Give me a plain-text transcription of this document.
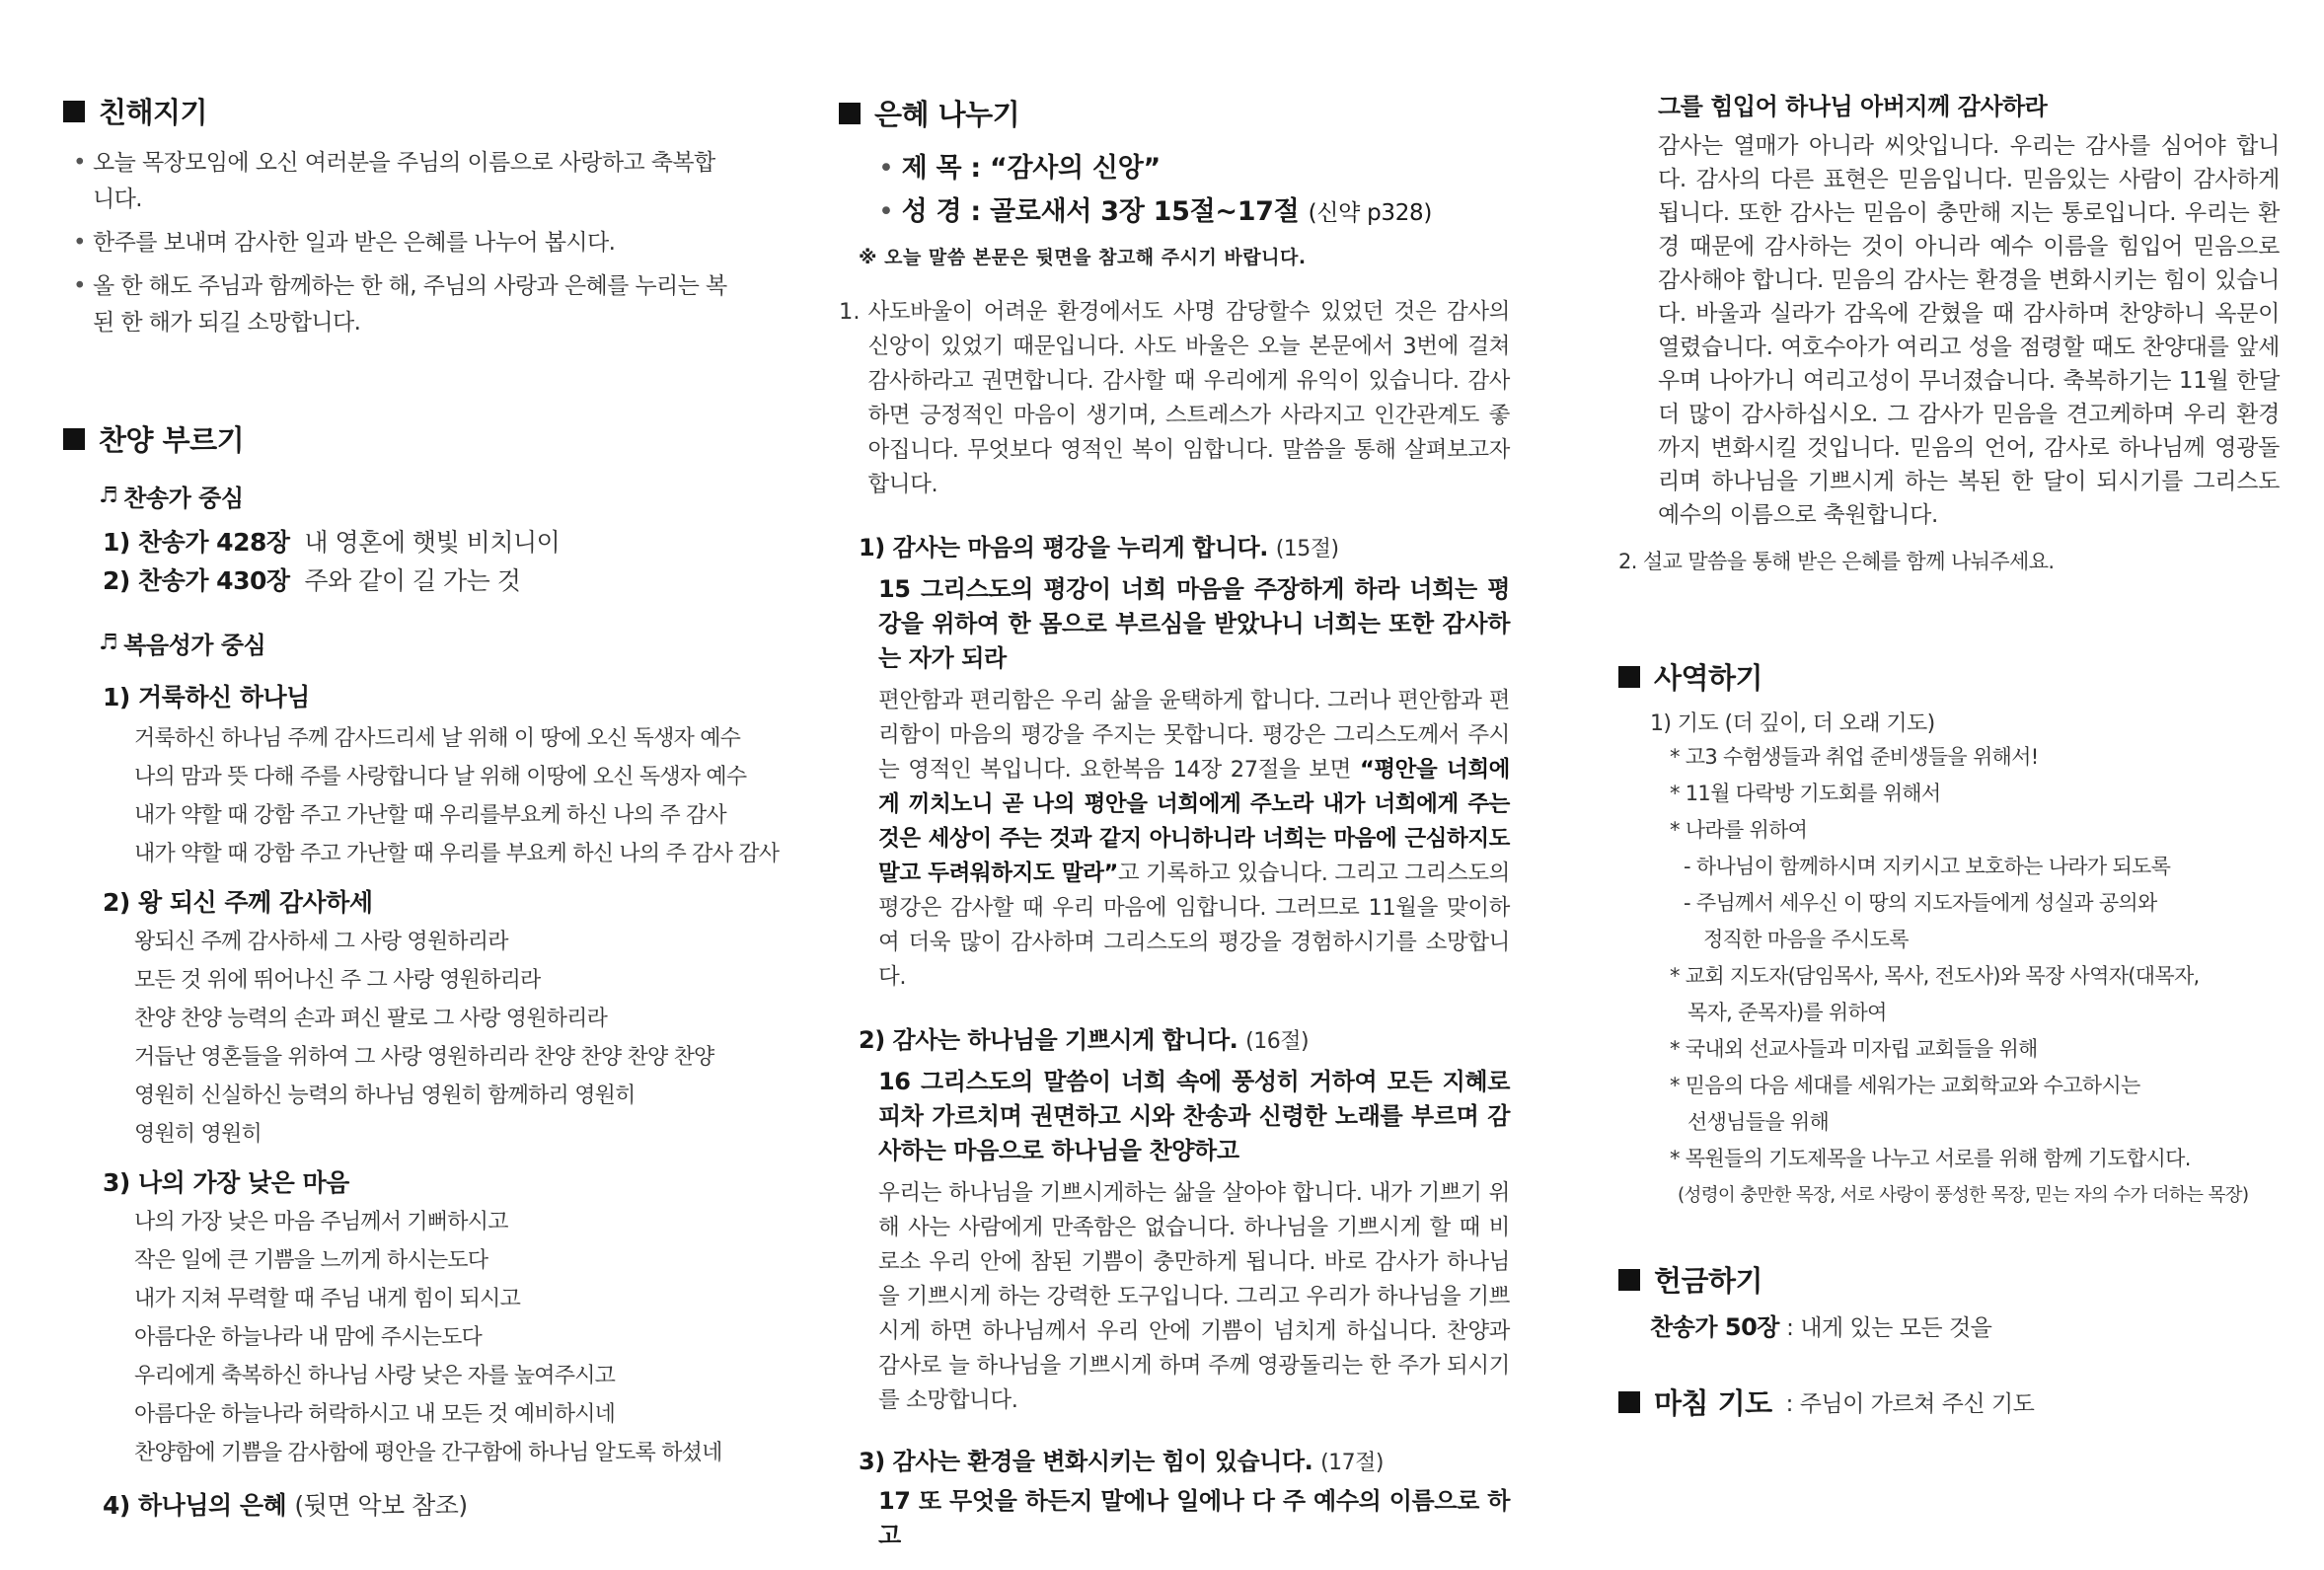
친해지기
• 오늘 목장모임에 오신 여러분을 주님의 이름으로 사랑하고 축복합니다.
• 한주를 보내며 감사한 일과 받은 은혜를 나누어 봅시다.
• 올 한 해도 주님과 함께하는 한 해, 주님의 사랑과 은혜를 누리는 복된 한 해가 되길 소망합니다.
찬양 부르기
♬ 찬송가 중심
1) 찬송가 428장 내 영혼에 햇빛 비치니이
2) 찬송가 430장 주와 같이 길 가는 것
♬ 복음성가 중심
1) 거룩하신 하나님
거룩하신 하나님 주께 감사드리세 날 위해 이 땅에 오신 독생자 예수
나의 맘과 뜻 다해 주를 사랑합니다 날 위해 이땅에 오신 독생자 예수
내가 약할 때 강함 주고 가난할 때 우리를부요케 하신 나의 주 감사
내가 약할 때 강함 주고 가난할 때 우리를 부요케 하신 나의 주 감사 감사
2) 왕 되신 주께 감사하세
왕되신 주께 감사하세 그 사랑 영원하리라
모든 것 위에 뛰어나신 주 그 사랑 영원하리라
찬양 찬양 능력의 손과 펴신 팔로 그 사랑 영원하리라
거듭난 영혼들을 위하여 그 사랑 영원하리라 찬양 찬양 찬양 찬양
영원히 신실하신 능력의 하나님 영원히 함께하리 영원히
영원히 영원히
3) 나의 가장 낮은 마음
나의 가장 낮은 마음 주님께서 기뻐하시고
작은 일에 큰 기쁨을 느끼게 하시는도다
내가 지쳐 무력할 때 주님 내게 힘이 되시고
아름다운 하늘나라 내 맘에 주시는도다
우리에게 축복하신 하나님 사랑 낮은 자를 높여주시고
아름다운 하늘나라 허락하시고 내 모든 것 예비하시네
찬양함에 기쁨을 감사함에 평안을 간구함에 하나님 알도록 하셨네
4) 하나님의 은혜 (뒷면 악보 참조)
은혜 나누기
• 제 목 : “감사의 신앙”
• 성 경 : 골로새서 3장 15절~17절 (신약 p328)
※ 오늘 말씀 본문은 뒷면을 참고해 주시기 바랍니다.
1. 사도바울이 어려운 환경에서도 사명 감당할수 있었던 것은 감사의 신앙이 있었기 때문입니다. 사도 바울은 오늘 본문에서 3번에 걸쳐 감사하라고 권면합니다. 감사할 때 우리에게 유익이 있습니다. 감사하면 긍정적인 마음이 생기며, 스트레스가 사라지고 인간관계도 좋아집니다. 무엇보다 영적인 복이 임합니다. 말씀을 통해 살펴보고자 합니다.
1) 감사는 마음의 평강을 누리게 합니다. (15절)
15 그리스도의 평강이 너희 마음을 주장하게 하라 너희는 평강을 위하여 한 몸으로 부르심을 받았나니 너희는 또한 감사하는 자가 되라
편안함과 편리함은 우리 삶을 윤택하게 합니다. 그러나 편안함과 편리함이 마음의 평강을 주지는 못합니다. 평강은 그리스도께서 주시는 영적인 복입니다. 요한복음 14장 27절을 보면 “평안을 너희에게 끼치노니 곧 나의 평안을 너희에게 주노라 내가 너희에게 주는 것은 세상이 주는 것과 같지 아니하니라 너희는 마음에 근심하지도 말고 두려워하지도 말라”고 기록하고 있습니다. 그리고 그리스도의 평강은 감사할 때 우리 마음에 임합니다. 그러므로 11월을 맞이하여 더욱 많이 감사하며 그리스도의 평강을 경험하시기를 소망합니다.
2) 감사는 하나님을 기쁘시게 합니다. (16절)
16 그리스도의 말씀이 너희 속에 풍성히 거하여 모든 지혜로 피차 가르치며 권면하고 시와 찬송과 신령한 노래를 부르며 감사하는 마음으로 하나님을 찬양하고
우리는 하나님을 기쁘시게하는 삶을 살아야 합니다. 내가 기쁘기 위해 사는 사람에게 만족함은 없습니다. 하나님을 기쁘시게 할 때 비로소 우리 안에 참된 기쁨이 충만하게 됩니다. 바로 감사가 하나님을 기쁘시게 하는 강력한 도구입니다. 그리고 우리가 하나님을 기쁘시게 하면 하나님께서 우리 안에 기쁨이 넘치게 하십니다. 찬양과 감사로 늘 하나님을 기쁘시게 하며 주께 영광돌리는 한 주가 되시기를 소망합니다.
3) 감사는 환경을 변화시키는 힘이 있습니다. (17절)
17 또 무엇을 하든지 말에나 일에나 다 주 예수의 이름으로 하고
그를 힘입어 하나님 아버지께 감사하라
감사는 열매가 아니라 씨앗입니다. 우리는 감사를 심어야 합니다. 감사의 다른 표현은 믿음입니다. 믿음있는 사람이 감사하게 됩니다. 또한 감사는 믿음이 충만해 지는 통로입니다. 우리는 환경 때문에 감사하는 것이 아니라 예수 이름을 힘입어 믿음으로 감사해야 합니다. 믿음의 감사는 환경을 변화시키는 힘이 있습니다. 바울과 실라가 감옥에 갇혔을 때 감사하며 찬양하니 옥문이 열렸습니다. 여호수아가 여리고 성을 점령할 때도 찬양대를 앞세우며 나아가니 여리고성이 무너졌습니다. 축복하기는 11월 한달 더 많이 감사하십시오. 그 감사가 믿음을 견고케하며 우리 환경까지 변화시킬 것입니다. 믿음의 언어, 감사로 하나님께 영광돌리며 하나님을 기쁘시게 하는 복된 한 달이 되시기를 그리스도 예수의 이름으로 축원합니다.
2. 설교 말씀을 통해 받은 은혜를 함께 나눠주세요.
사역하기
1) 기도 (더 깊이, 더 오래 기도)
* 고3 수험생들과 취업 준비생들을 위해서!
* 11월 다락방 기도회를 위해서
* 나라를 위하여
- 하나님이 함께하시며 지키시고 보호하는 나라가 되도록
- 주님께서 세우신 이 땅의 지도자들에게 성실과 공의와
정직한 마음을 주시도록
* 교회 지도자(담임목사, 목사, 전도사)와 목장 사역자(대목자,
목자, 준목자)를 위하여
* 국내외 선교사들과 미자립 교회들을 위해
* 믿음의 다음 세대를 세워가는 교회학교와 수고하시는
선생님들을 위해
* 목원들의 기도제목을 나누고 서로를 위해 함께 기도합시다.
(성령이 충만한 목장, 서로 사랑이 풍성한 목장, 믿는 자의 수가 더하는 목장)
헌금하기
찬송가 50장 : 내게 있는 모든 것을
마침 기도 : 주님이 가르쳐 주신 기도
